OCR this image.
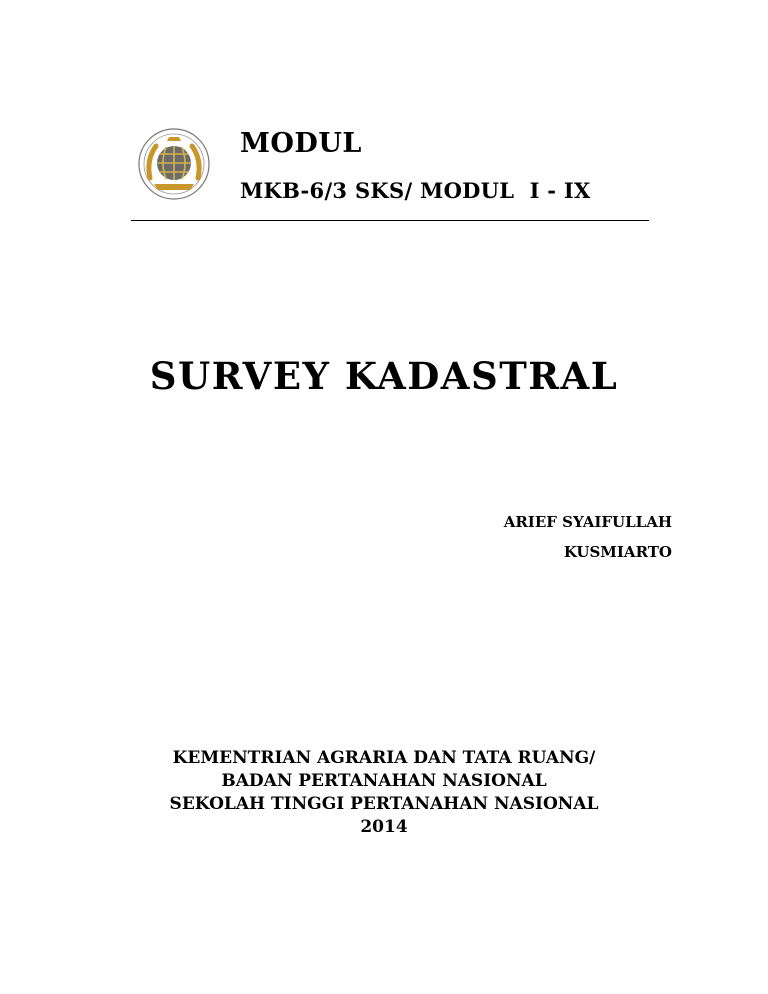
MODUL
MKB-6/3 SKS/ MODUL  I - IX
SURVEY KADASTRAL
ARIEF SYAIFULLAH
KUSMIARTO
KEMENTRIAN AGRARIA DAN TATA RUANG/
BADAN PERTANAHAN NASIONAL
SEKOLAH TINGGI PERTANAHAN NASIONAL
2014
